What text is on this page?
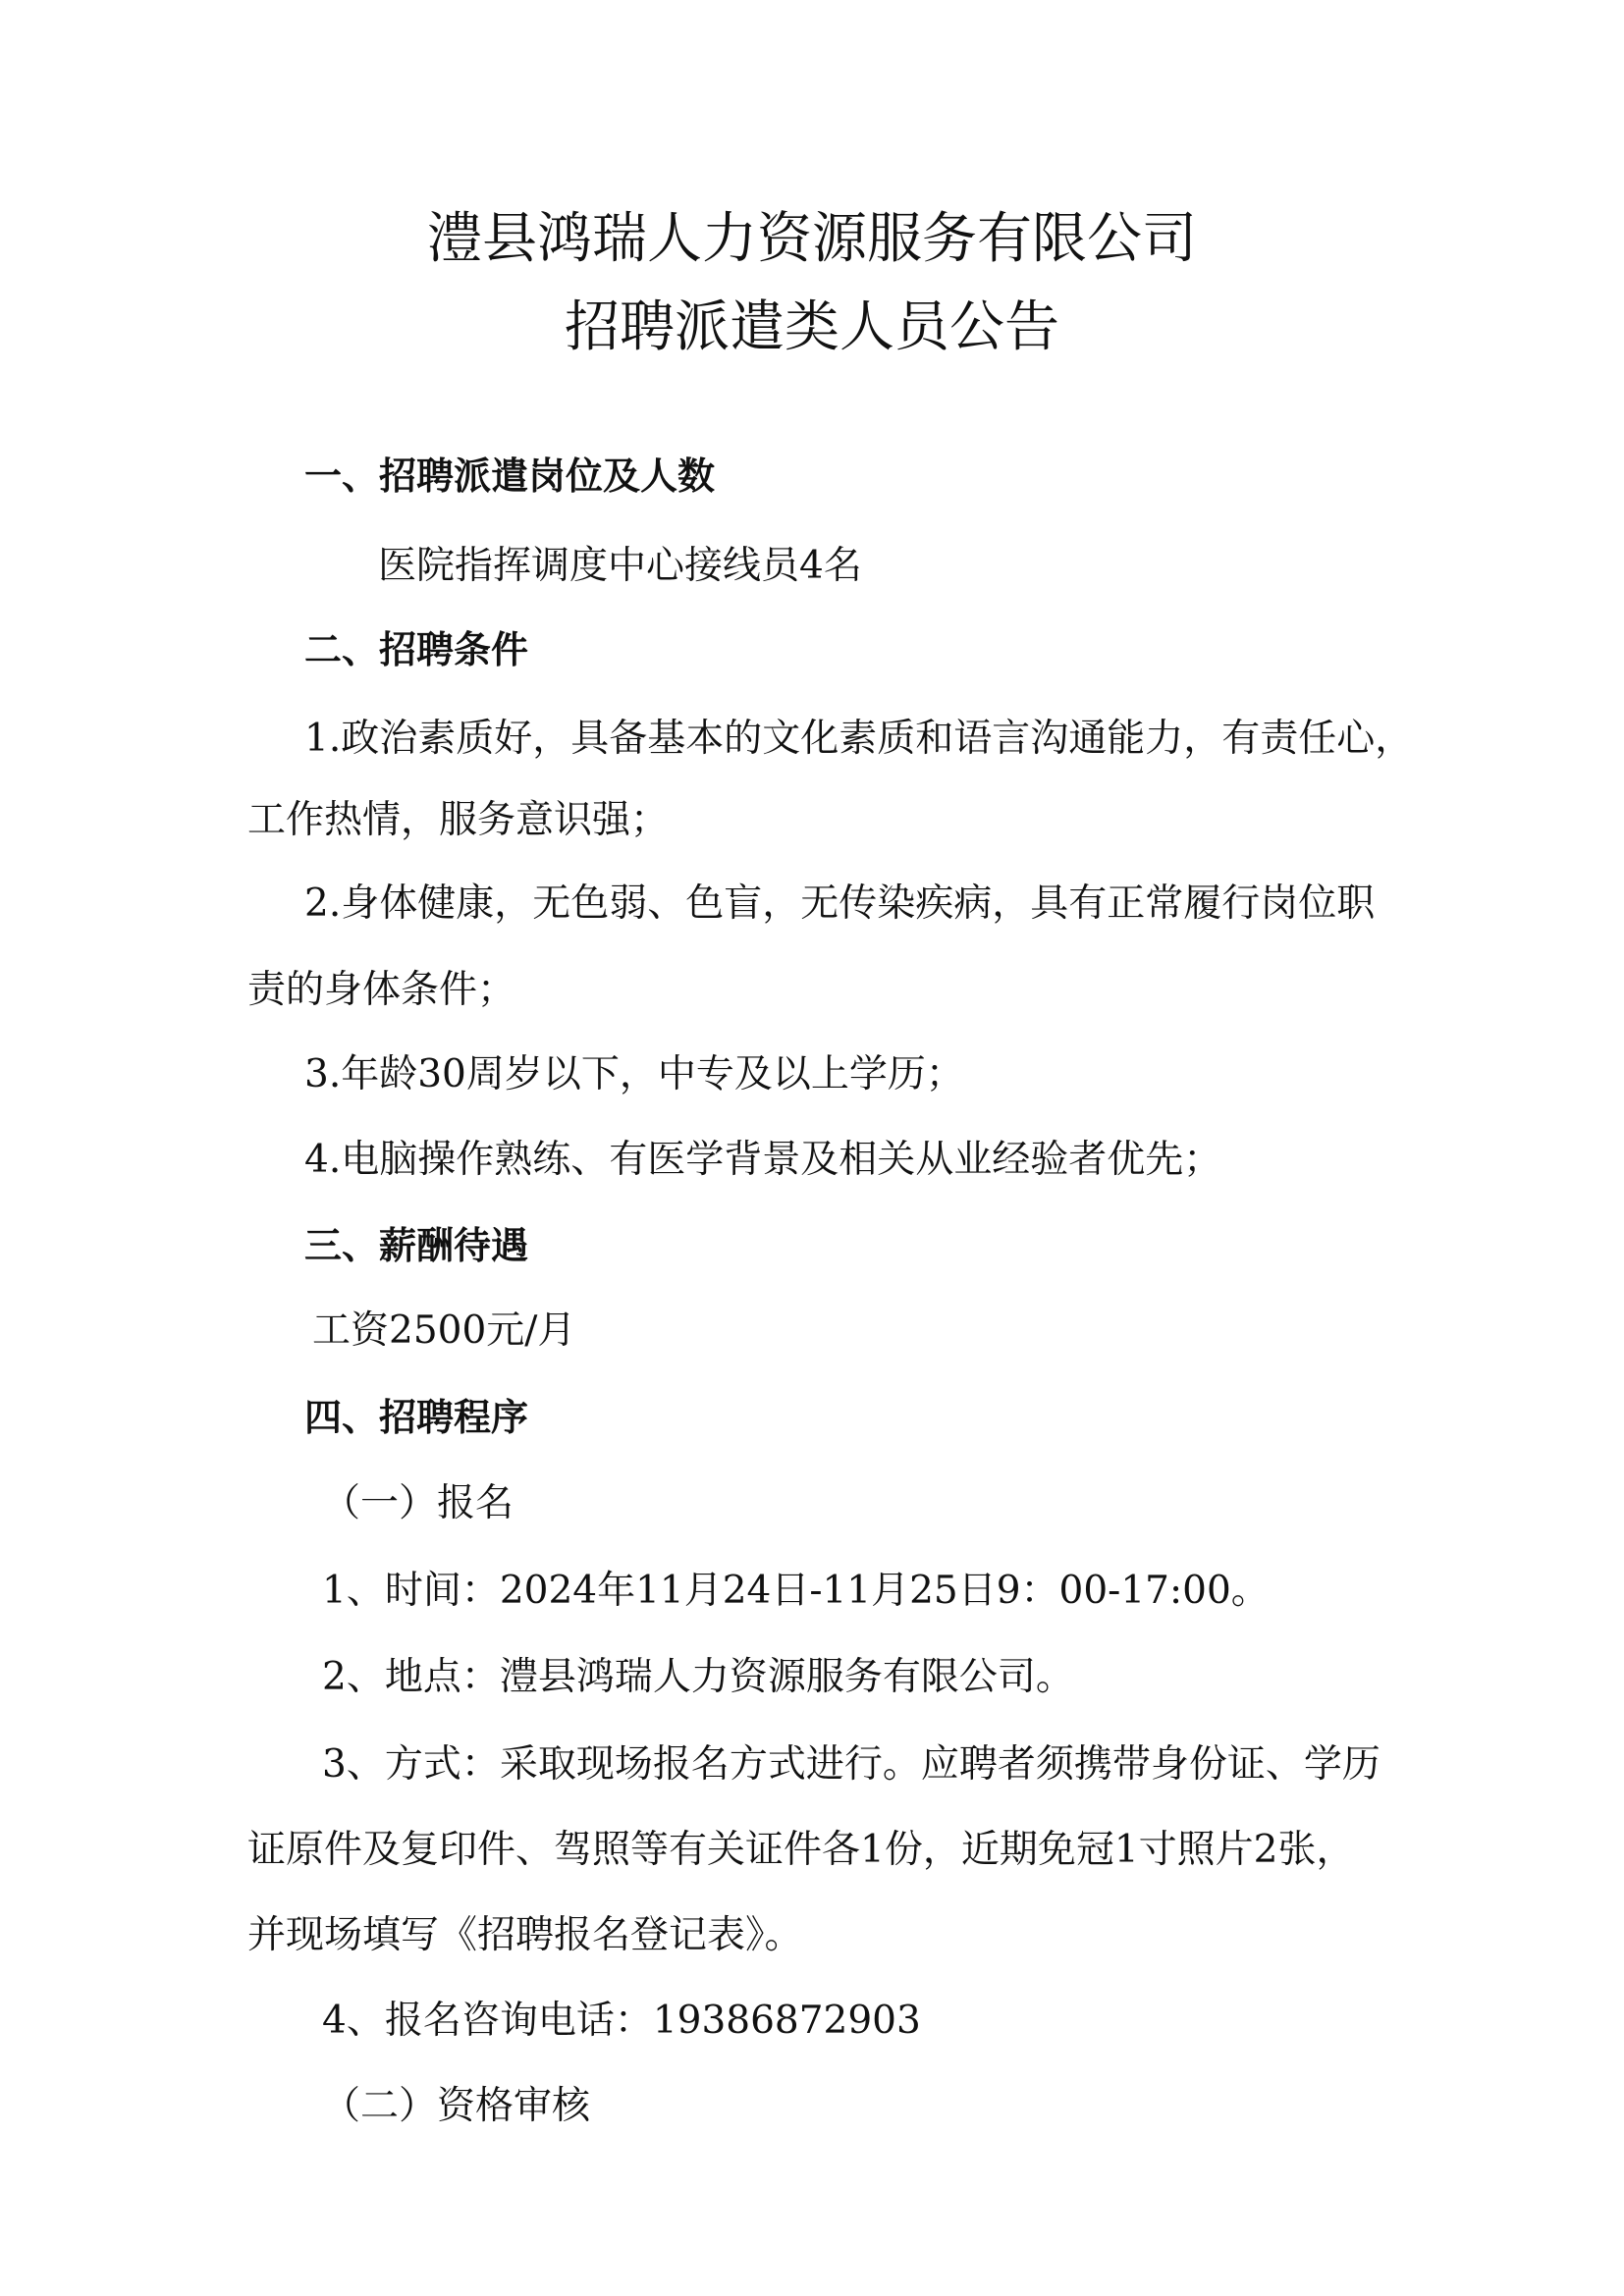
澧县鸿瑞人力资源服务有限公司
招聘派遣类人员公告
一、招聘派遣岗位及人数
医院指挥调度中心接线员4名
二、招聘条件
1.政治素质好，具备基本的文化素质和语言沟通能力，有责任心，
工作热情，服务意识强；
2.身体健康，无色弱、色盲，无传染疾病，具有正常履行岗位职
责的身体条件；
3.年龄30周岁以下，中专及以上学历；
4.电脑操作熟练、有医学背景及相关从业经验者优先；
三、薪酬待遇
工资2500元/月
四、招聘程序
（一）报名
1、时间：2024年11月24日-11月25日9：00-17:00。
2、地点：澧县鸿瑞人力资源服务有限公司。
3、方式：采取现场报名方式进行。应聘者须携带身份证、学历
证原件及复印件、驾照等有关证件各1份，近期免冠1寸照片2张，
并现场填写《招聘报名登记表》。
4、报名咨询电话：19386872903
（二）资格审核
